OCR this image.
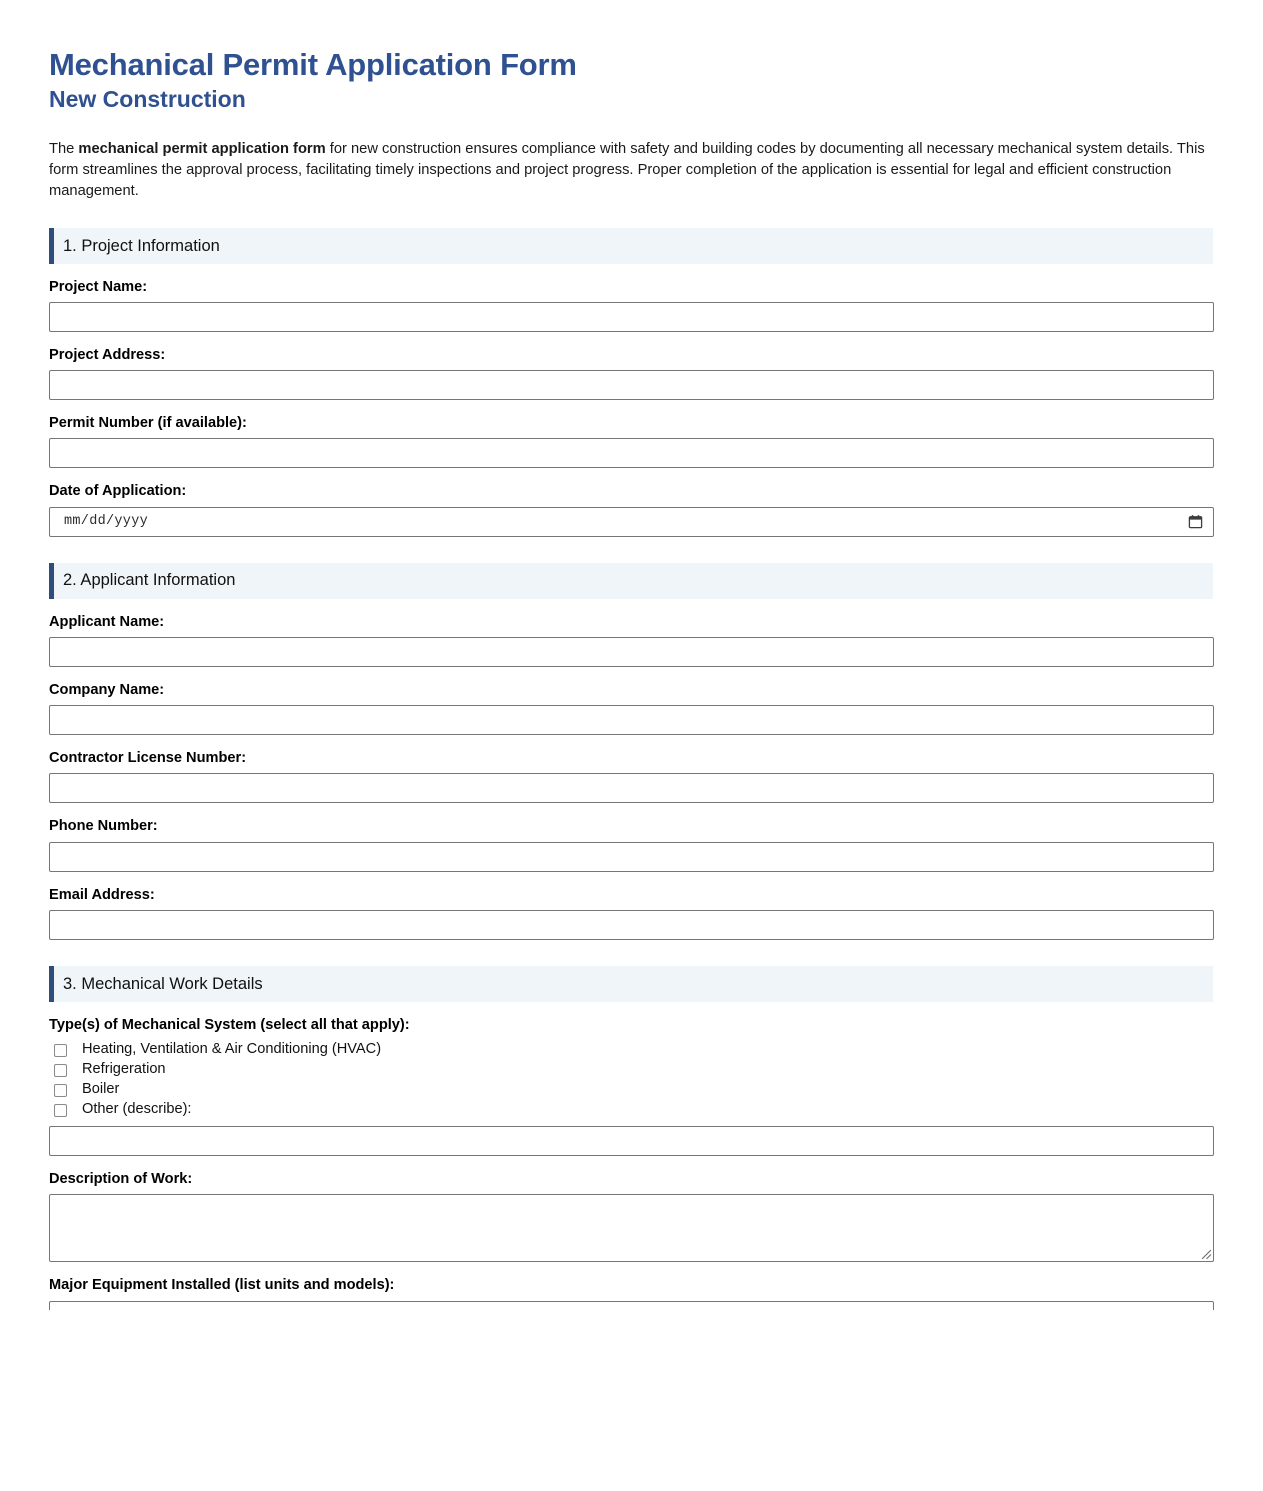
Mechanical Permit Application Form
New Construction

The mechanical permit application form for new construction ensures compliance with safety and building codes by documenting all necessary mechanical system details. This form streamlines the approval process, facilitating timely inspections and project progress. Proper completion of the application is essential for legal and efficient construction management.

1. Project Information
Project Name:
Project Address:
Permit Number (if available):
Date of Application:
mm/dd/yyyy
2. Applicant Information
Applicant Name:
Company Name:
Contractor License Number:
Phone Number:
Email Address:
3. Mechanical Work Details
Type(s) of Mechanical System (select all that apply):
Heating, Ventilation & Air Conditioning (HVAC)
Refrigeration
Boiler
Other (describe):
Description of Work:
Major Equipment Installed (list units and models):
